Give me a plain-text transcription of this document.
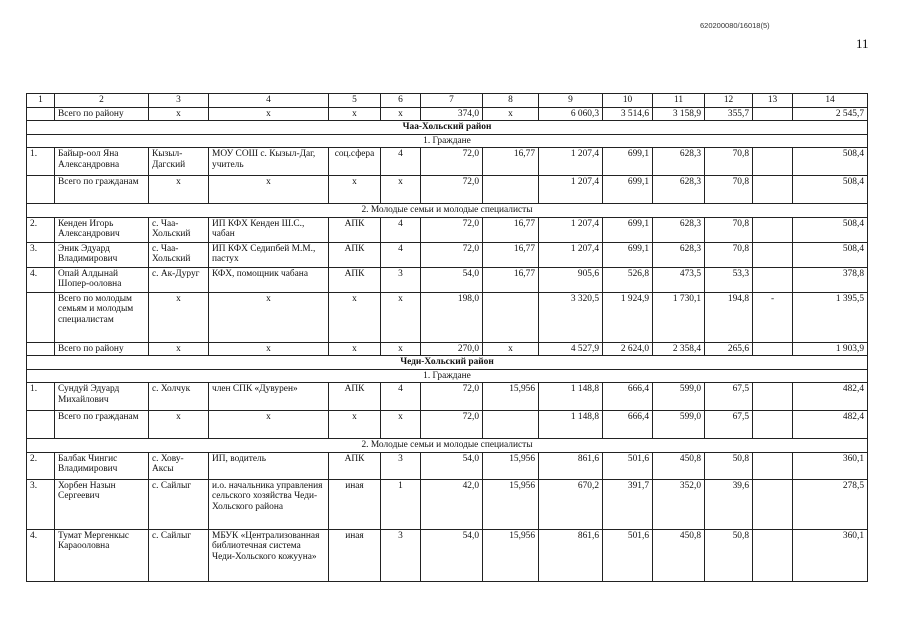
620200080/16018(5)
11
1	2	3	4	5	6	7	8	9	10	11	12	13	14
	Всего по району	х	х	х	х	374,0	х	6 060,3	3 514,6	3 158,9	355,7		2 545,7
Чаа-Хольский район													
1. Граждане													
1.	Байыр-оол Яна Александровна	Кызыл-Дагский	МОУ СОШ с. Кызыл-Даг, учитель	соц.сфера	4	72,0	16,77	1 207,4	699,1	628,3	70,8		508,4
	Всего по гражданам	х	х	х	х	72,0		1 207,4	699,1	628,3	70,8		508,4
2. Молодые семьи и молодые специалисты													
2.	Кенден Игорь Александрович	с. Чаа-Хольский	ИП КФХ Кенден Ш.С., чабан	АПК	4	72,0	16,77	1 207,4	699,1	628,3	70,8		508,4
3.	Эник Эдуард Владимирович	с. Чаа-Хольский	ИП КФХ Седипбей М.М., пастух	АПК	4	72,0	16,77	1 207,4	699,1	628,3	70,8		508,4
4.	Опай Алдынай Шопер-ооловна	с. Ак-Дуруг	КФХ, помощник чабана	АПК	3	54,0	16,77	905,6	526,8	473,5	53,3		378,8
	Всего по молодым семьям и молодым специалистам	х	х	х	х	198,0		3 320,5	1 924,9	1 730,1	194,8	-	1 395,5
	Всего по району	х	х	х	х	270,0	х	4 527,9	2 624,0	2 358,4	265,6		1 903,9
Чеди-Хольский район													
1. Граждане													
1.	Сундуй Эдуард Михайлович	с. Холчук	член СПК «Дувурен»	АПК	4	72,0	15,956	1 148,8	666,4	599,0	67,5		482,4
	Всего по гражданам	х	х	х	х	72,0		1 148,8	666,4	599,0	67,5		482,4
2. Молодые семьи и молодые специалисты													
2.	Балбак Чингис Владимирович	с. Хову-Аксы	ИП, водитель	АПК	3	54,0	15,956	861,6	501,6	450,8	50,8		360,1
3.	Хорбен Назын Сергеевич	с. Сайлыг	и.о. начальника управления сельского хозяйства Чеди-Хольского района	иная	1	42,0	15,956	670,2	391,7	352,0	39,6		278,5
4.	Тумат Мергенкыс Караооловна	с. Сайлыг	МБУК «Централизованная библиотечная система Чеди-Хольского кожууна»	иная	3	54,0	15,956	861,6	501,6	450,8	50,8		360,1
